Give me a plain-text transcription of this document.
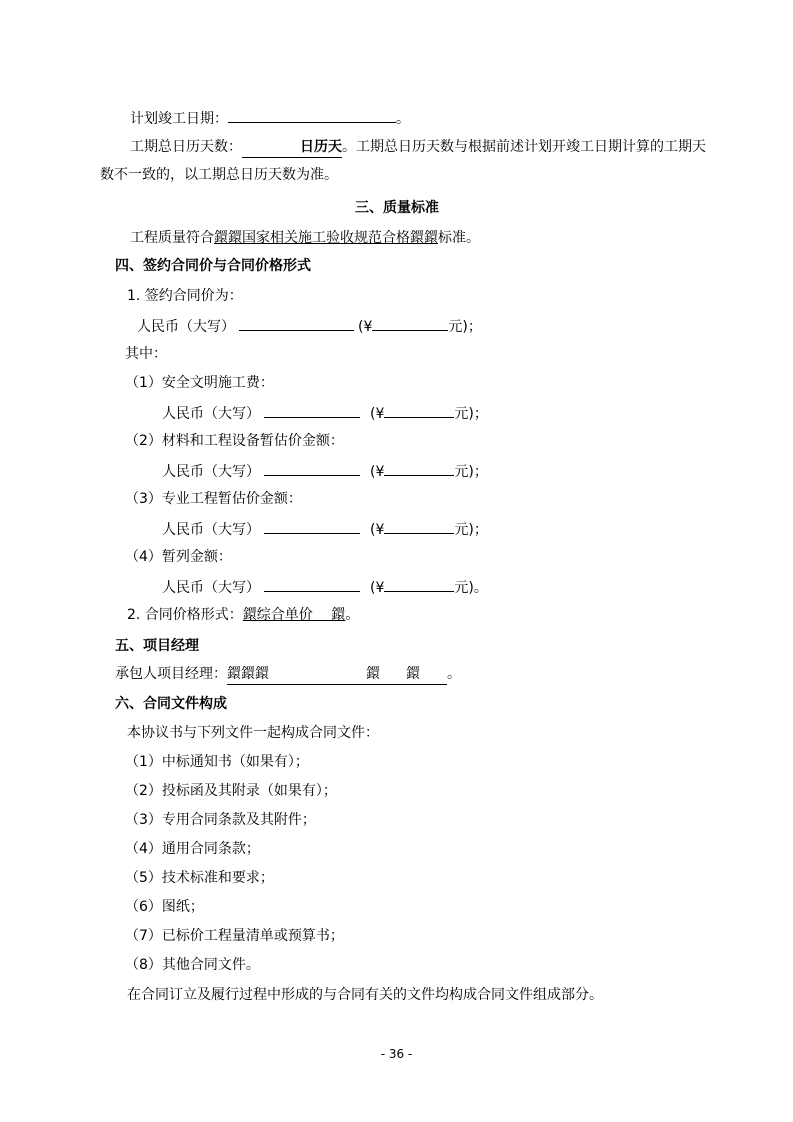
计划竣工日期：	。
工期总日历天数：	日历天。工期总日历天数与根据前述计划开竣工日期计算的工期天
数不一致的，以工期总日历天数为准。
三、质量标准
工程质量符合鐶鐶国家相关施工验收规范合格鐶鐶标准。
四、签约合同价与合同价格形式
1. 签约合同价为：
人民币（大写）	(¥	元)；
其中：
（1）安全文明施工费：
人民币（大写）	(¥	元)；
（2）材料和工程设备暂估价金额：
人民币（大写）	(¥	元)；
（3）专业工程暂估价金额：
人民币（大写）	(¥	元)；
（4）暂列金额：
人民币（大写）	(¥	元)。
2. 合同价格形式：鐶综合单价　 鐶。
五、项目经理
承包人项目经理： 鐶鐶鐶	鐶 鐶 。
六、合同文件构成
本协议书与下列文件一起构成合同文件：
（1）中标通知书（如果有）；
（2）投标函及其附录（如果有）；
（3）专用合同条款及其附件；
（4）通用合同条款；
（5）技术标准和要求；
（6）图纸；
（7）已标价工程量清单或预算书；
（8）其他合同文件。
在合同订立及履行过程中形成的与合同有关的文件均构成合同文件组成部分。
- 36 -
